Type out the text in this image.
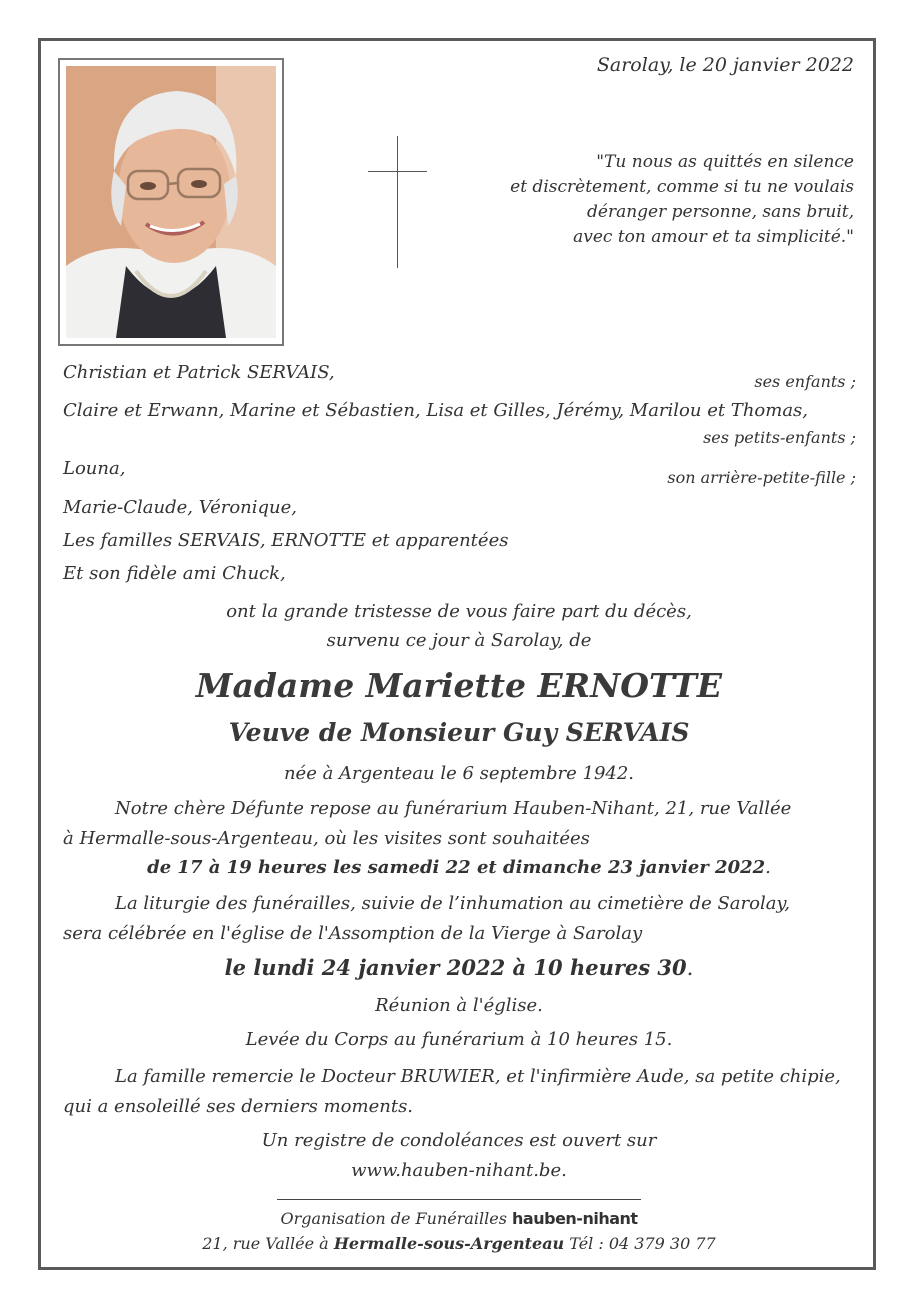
Sarolay, le 20 janvier 2022
"Tu nous as quittés en silence
et discrètement, comme si tu ne voulais
déranger personne, sans bruit,
avec ton amour et ta simplicité."
Christian et Patrick SERVAIS,	ses enfants ;
Claire et Erwann, Marine et Sébastien, Lisa et Gilles, Jérémy, Marilou et Thomas,
ses petits-enfants ;
Louna,	son arrière-petite-fille ;
Marie-Claude, Véronique,
Les familles SERVAIS, ERNOTTE et apparentées
Et son fidèle ami Chuck,
ont la grande tristesse de vous faire part du décès,
survenu ce jour à Sarolay, de
Madame Mariette ERNOTTE
Veuve de Monsieur Guy SERVAIS
née à Argenteau le 6 septembre 1942.
Notre chère Défunte repose au funérarium Hauben-Nihant, 21, rue Vallée
à Hermalle-sous-Argenteau, où les visites sont souhaitées
de 17 à 19 heures les samedi 22 et dimanche 23 janvier 2022.
La liturgie des funérailles, suivie de l’inhumation au cimetière de Sarolay,
sera célébrée en l'église de l'Assomption de la Vierge à Sarolay
le lundi 24 janvier 2022 à 10 heures 30.
Réunion à l'église.
Levée du Corps au funérarium à 10 heures 15.
La famille remercie le Docteur BRUWIER, et l'infirmière Aude, sa petite chipie,
qui a ensoleillé ses derniers moments.
Un registre de condoléances est ouvert sur
www.hauben-nihant.be.
Organisation de Funérailles hauben-nihant
21, rue Vallée à Hermalle-sous-Argenteau Tél : 04 379 30 77
